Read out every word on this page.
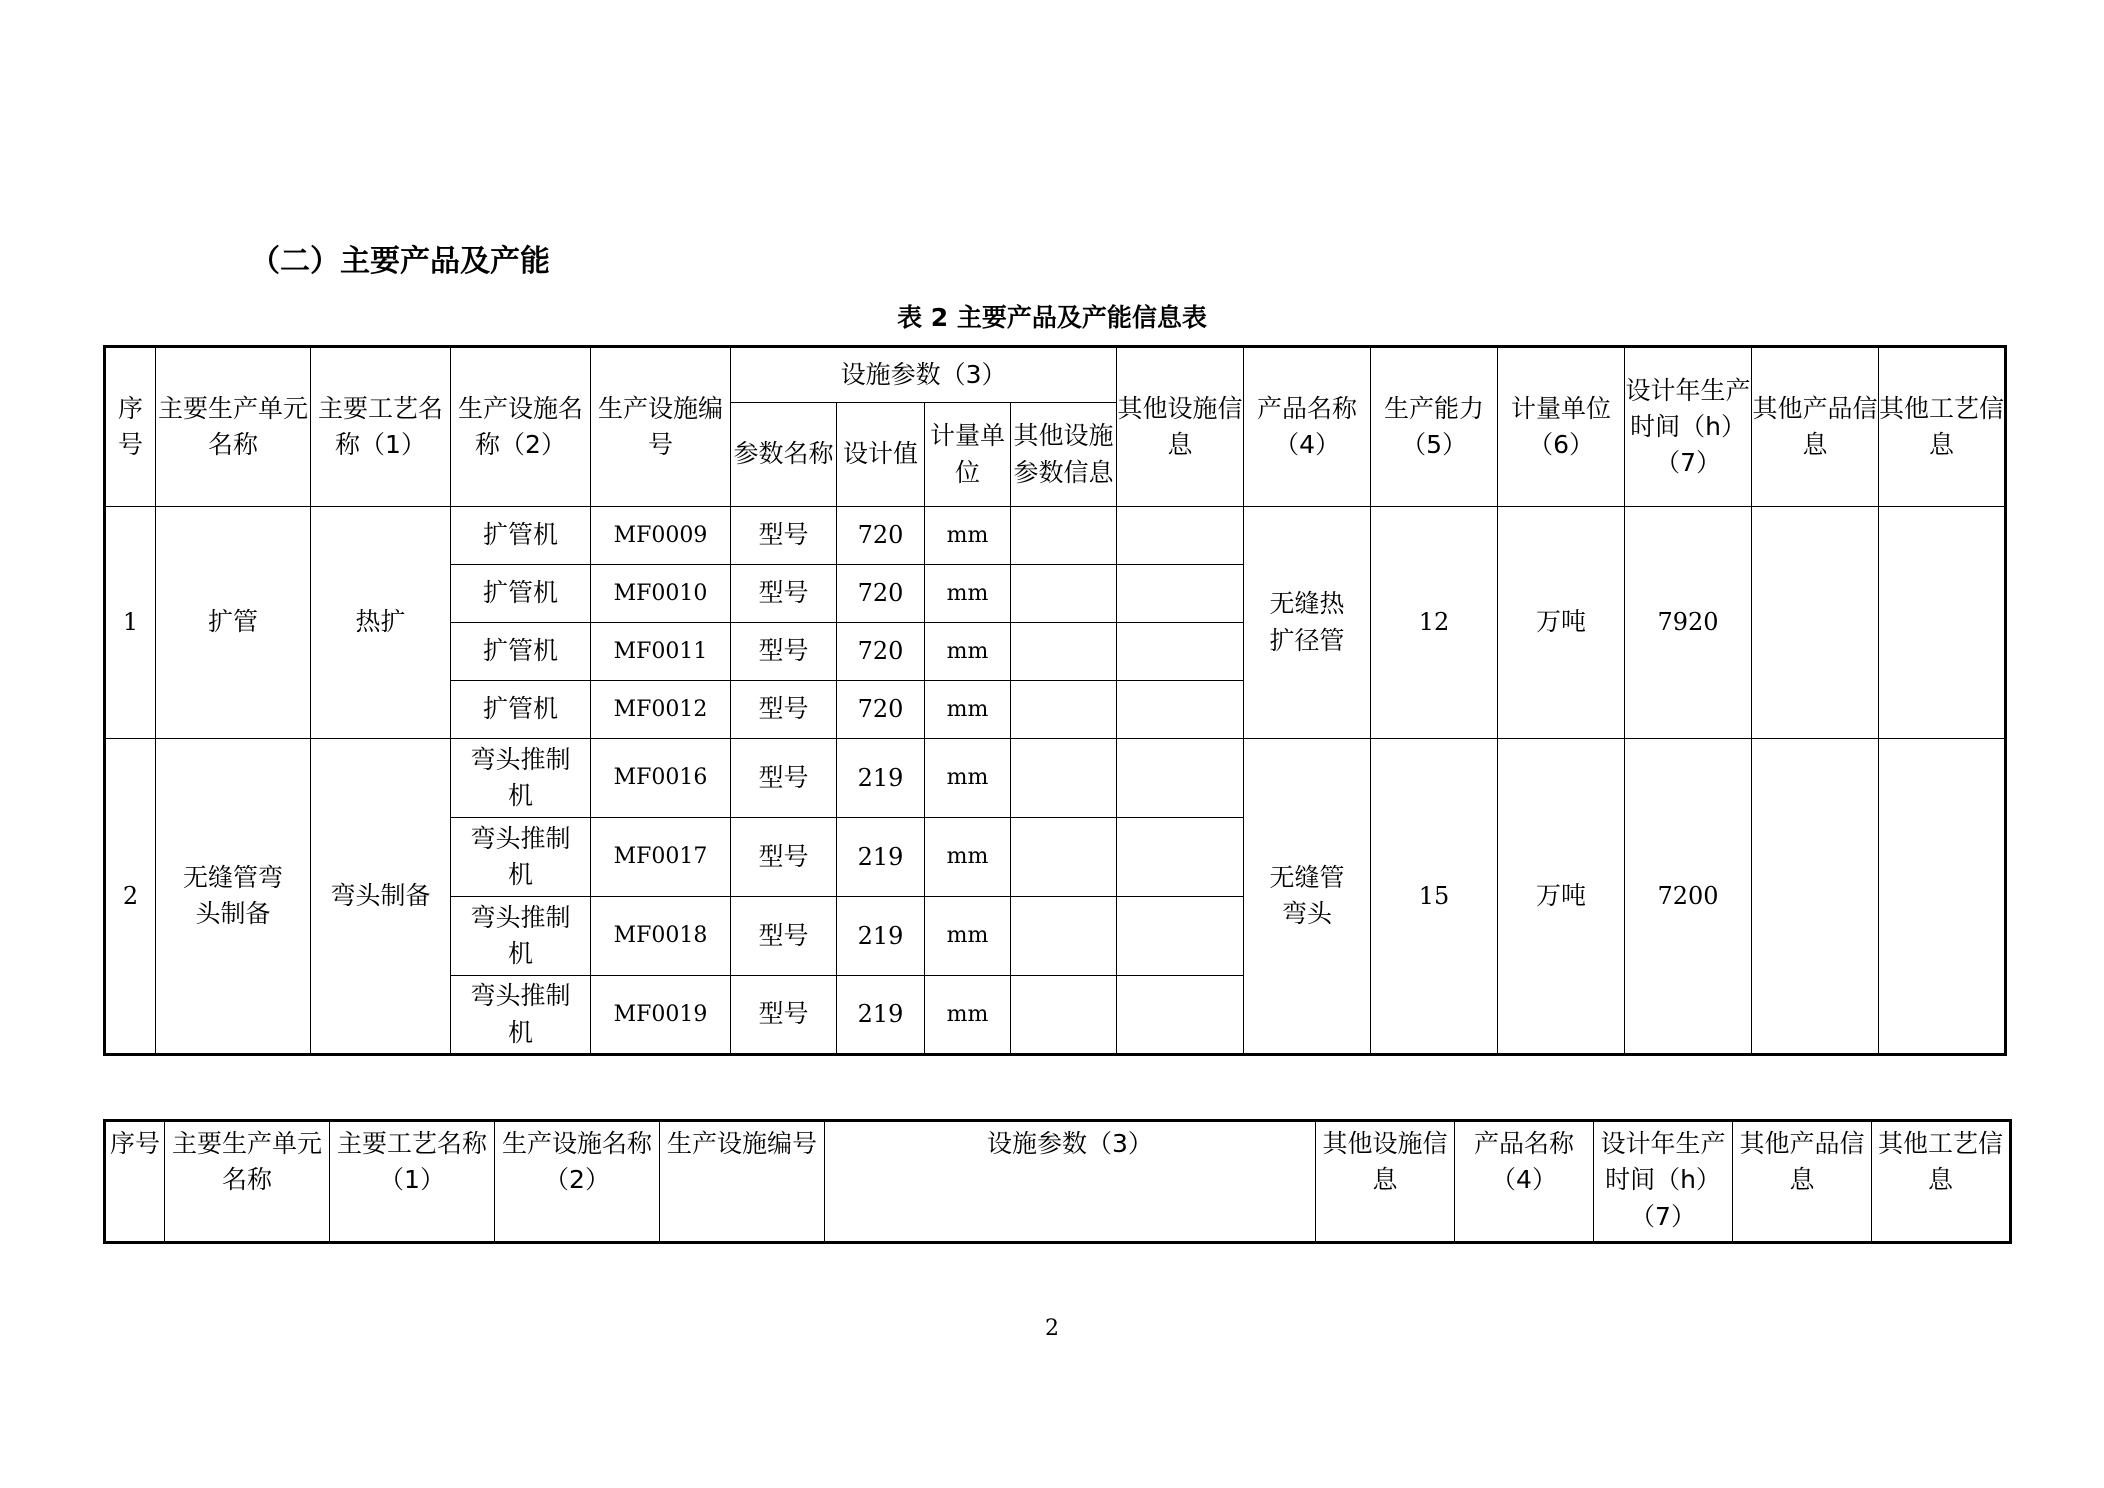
（二）主要产品及产能
表 2 主要产品及产能信息表
序号	主要生产单元名称	主要工艺名称（1）	生产设施名称（2）	生产设施编号	设施参数（3）				其他设施信息	产品名称（4）	生产能力（5）	计量单位（6）	设计年生产时间（h）（7）	其他产品信息	其他工艺信息
					参数名称	设计值	计量单位	其他设施参数信息							
1	扩管	热扩	扩管机	MF0009	型号	720	mm			无缝热扩径管	12	万吨	7920		
			扩管机	MF0010	型号	720	mm								
			扩管机	MF0011	型号	720	mm								
			扩管机	MF0012	型号	720	mm								
2	无缝管弯头制备	弯头制备	弯头推制机	MF0016	型号	219	mm			无缝管弯头	15	万吨	7200		
			弯头推制机	MF0017	型号	219	mm								
			弯头推制机	MF0018	型号	219	mm								
			弯头推制机	MF0019	型号	219	mm								
序号	主要生产单元名称	主要工艺名称（1）	生产设施名称（2）	生产设施编号	设施参数（3）	其他设施信息	产品名称（4）	设计年生产时间（h）（7）	其他产品信息	其他工艺信息
2
